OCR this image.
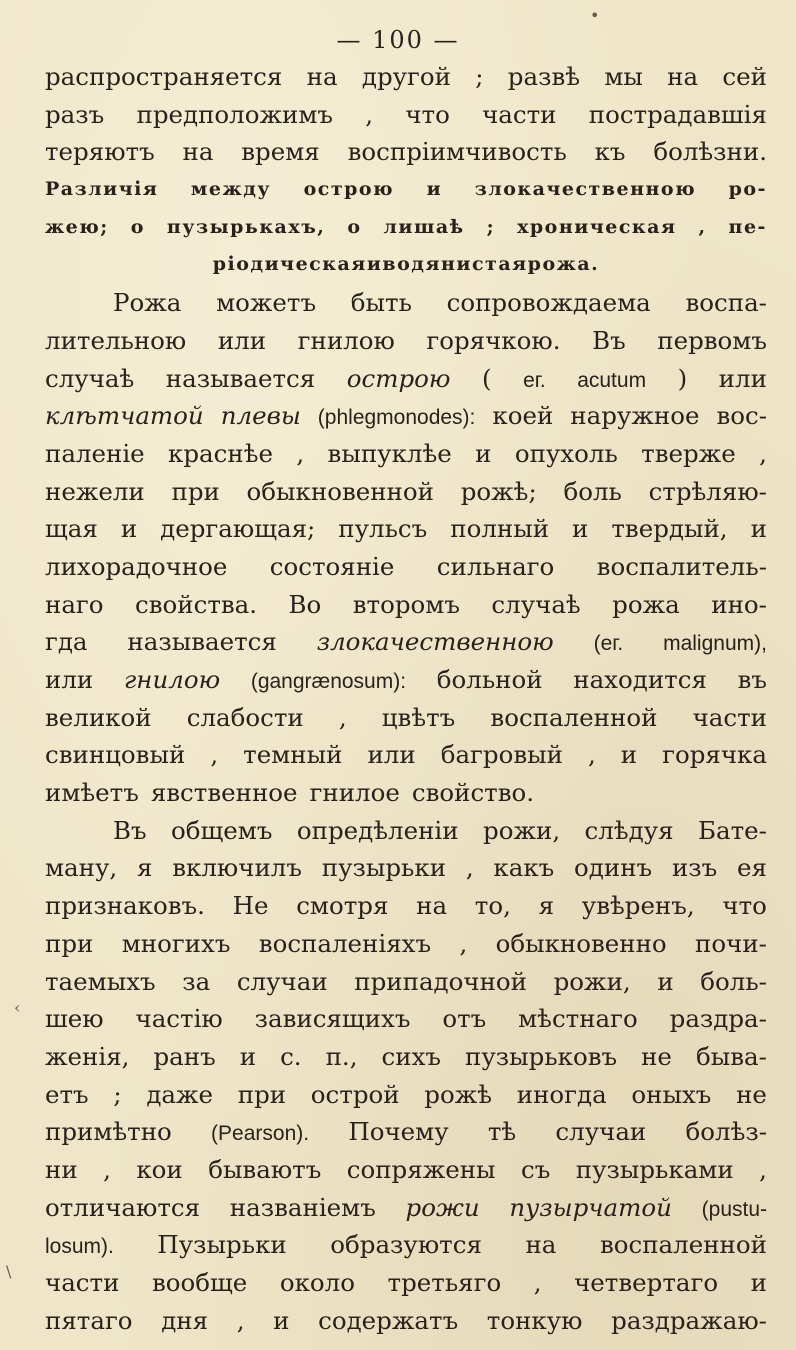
— 100 —
распространяется на другой ; развѣ мы на сей
разъ предположимъ , что части пострадавшія
теряютъ на время воспріимчивость къ болѣзни.
Различія между острою и злокачественною ро-
жею; о пузырькахъ, о лишаѣ ; хроническая , пе-
ріодическая и водянистая рожа.
Рожа можетъ быть сопровождаема воспа-
лительною или гнилою горячкою. Въ первомъ
случаѣ называется острою ( ег. acutum ) или
клѣтчатой плевы (phlegmonodes): коей наружное вос-
паленіе краснѣе , выпуклѣе и опухоль тверже ,
нежели при обыкновенной рожѣ; боль стрѣляю-
щая и дергающая; пульсъ полный и твердый, и
лихорадочное состояніе сильнаго воспалитель-
наго свойства. Во второмъ случаѣ рожа ино-
гда называется злокачественною (ег. malignum),
или гнилою (gangrænosum): больной находится въ
великой слабости , цвѣтъ воспаленной части
свинцовый , темный или багровый , и горячка
имѣетъ явственное гнилое свойство.
Въ общемъ опредѣленіи рожи, слѣдуя Бате-
ману, я включилъ пузырьки , какъ одинъ изъ ея
признаковъ. Не смотря на то, я увѣренъ, что
при многихъ воспаленіяхъ , обыкновенно почи-
таемыхъ за случаи припадочной рожи, и боль-
шею частію зависящихъ отъ мѣстнаго раздра-
женія, ранъ и с. п., сихъ пузырьковъ не быва-
етъ ; даже при острой рожѣ иногда оныхъ не
примѣтно (Pearson). Почему тѣ случаи болѣз-
ни , кои бываютъ сопряжены съ пузырьками ,
отличаются названіемъ рожи пузырчатой (pustu-
losum). Пузырьки образуются на воспаленной
части вообще около третьяго , четвертаго и
пятаго дня , и содержатъ тонкую раздражаю-
•
‹
\
